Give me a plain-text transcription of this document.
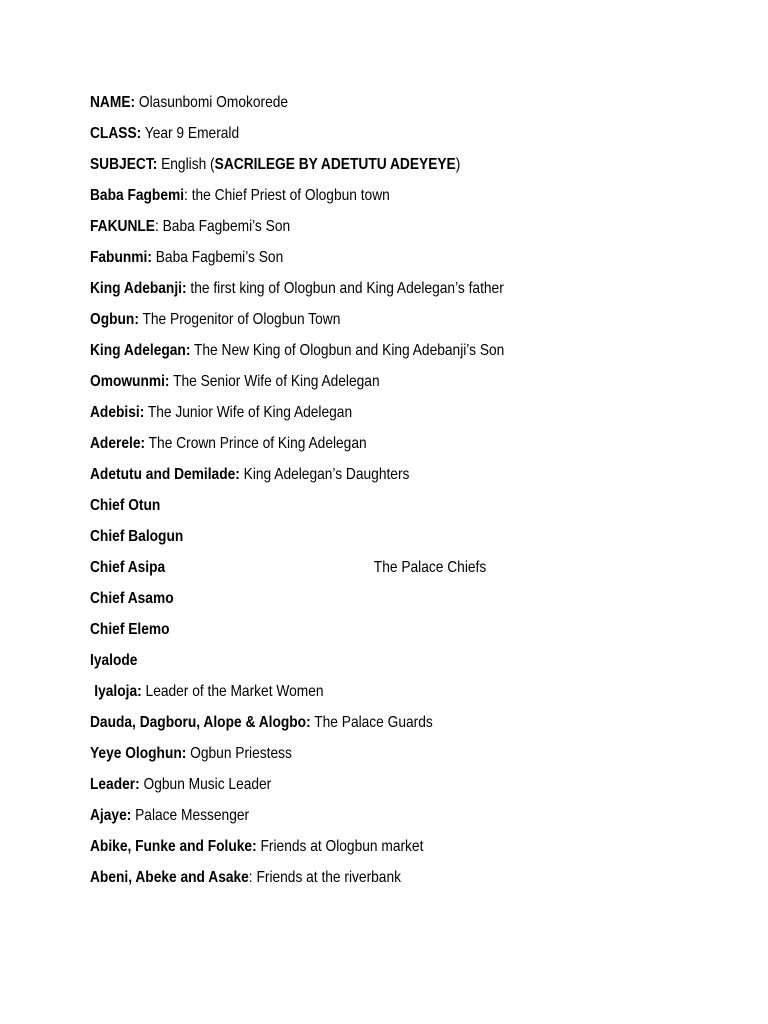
NAME: Olasunbomi Omokorede
CLASS: Year 9 Emerald
SUBJECT: English (SACRILEGE BY ADETUTU ADEYEYE)
Baba Fagbemi: the Chief Priest of Ologbun town
FAKUNLE: Baba Fagbemi’s Son
Fabunmi: Baba Fagbemi’s Son
King Adebanji: the first king of Ologbun and King Adelegan’s father
Ogbun: The Progenitor of Ologbun Town
King Adelegan: The New King of Ologbun and King Adebanji’s Son
Omowunmi: The Senior Wife of King Adelegan
Adebisi: The Junior Wife of King Adelegan
Aderele: The Crown Prince of King Adelegan
Adetutu and Demilade: King Adelegan’s Daughters
Chief Otun
Chief Balogun
Chief Asipa	The Palace Chiefs
Chief Asamo
Chief Elemo
Iyalode
Iyaloja: Leader of the Market Women
Dauda, Dagboru, Alope & Alogbo: The Palace Guards
Yeye Ologhun: Ogbun Priestess
Leader: Ogbun Music Leader
Ajaye: Palace Messenger
Abike, Funke and Foluke: Friends at Ologbun market
Abeni, Abeke and Asake: Friends at the riverbank
